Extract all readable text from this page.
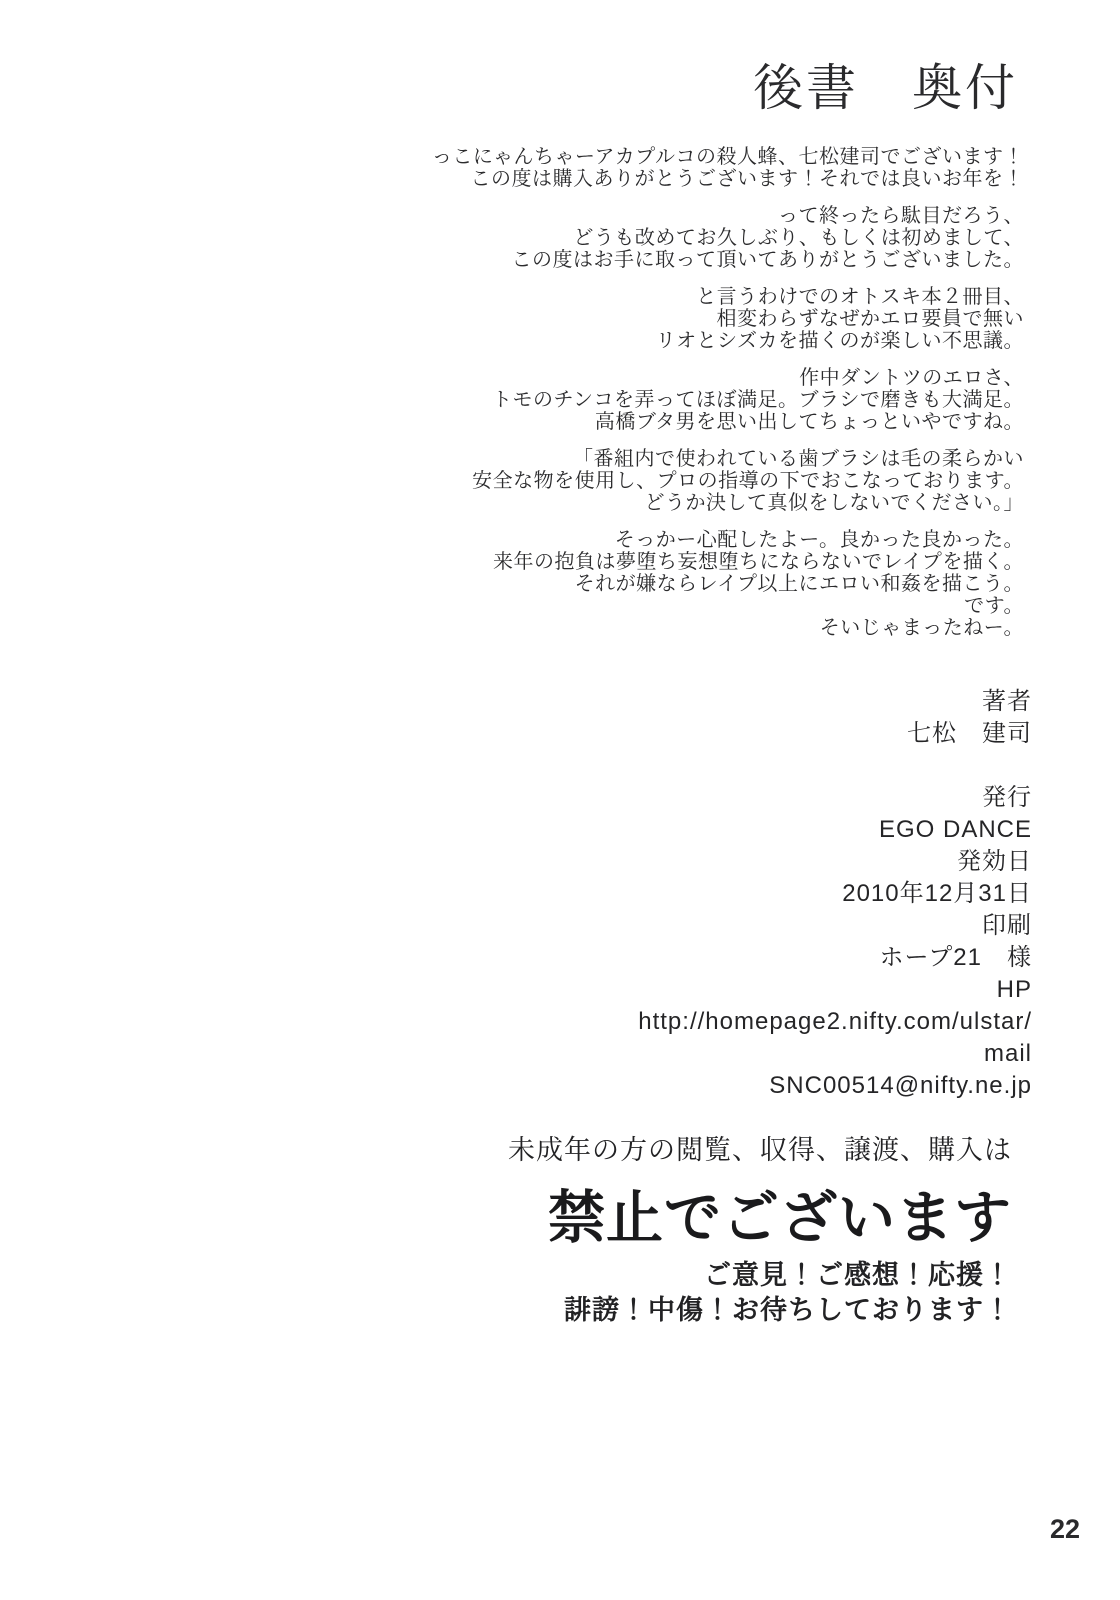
後書　奥付
っこにゃんちゃーアカプルコの殺人蜂、七松建司でございます！
この度は購入ありがとうございます！それでは良いお年を！
って終ったら駄目だろう、
どうも改めてお久しぶり、もしくは初めまして、
この度はお手に取って頂いてありがとうございました。
と言うわけでのオトスキ本２冊目、
相変わらずなぜかエロ要員で無い
リオとシズカを描くのが楽しい不思議。
作中ダントツのエロさ、
トモのチンコを弄ってほぼ満足。ブラシで磨きも大満足。
高橋ブタ男を思い出してちょっといやですね。
「番組内で使われている歯ブラシは毛の柔らかい
安全な物を使用し、プロの指導の下でおこなっております。
どうか決して真似をしないでください。」
そっかー心配したよー。良かった良かった。
来年の抱負は夢堕ち妄想堕ちにならないでレイプを描く。
それが嫌ならレイプ以上にエロい和姦を描こう。
です。
そいじゃまったねー。
著者
七松　建司
発行
EGO DANCE
発効日
2010年12月31日
印刷
ホープ21　様
HP
http://homepage2.nifty.com/ulstar/
mail
SNC00514@nifty.ne.jp
未成年の方の閲覧、収得、譲渡、購入は
禁止でございます
ご意見！ご感想！応援！
誹謗！中傷！お待ちしております！
22
